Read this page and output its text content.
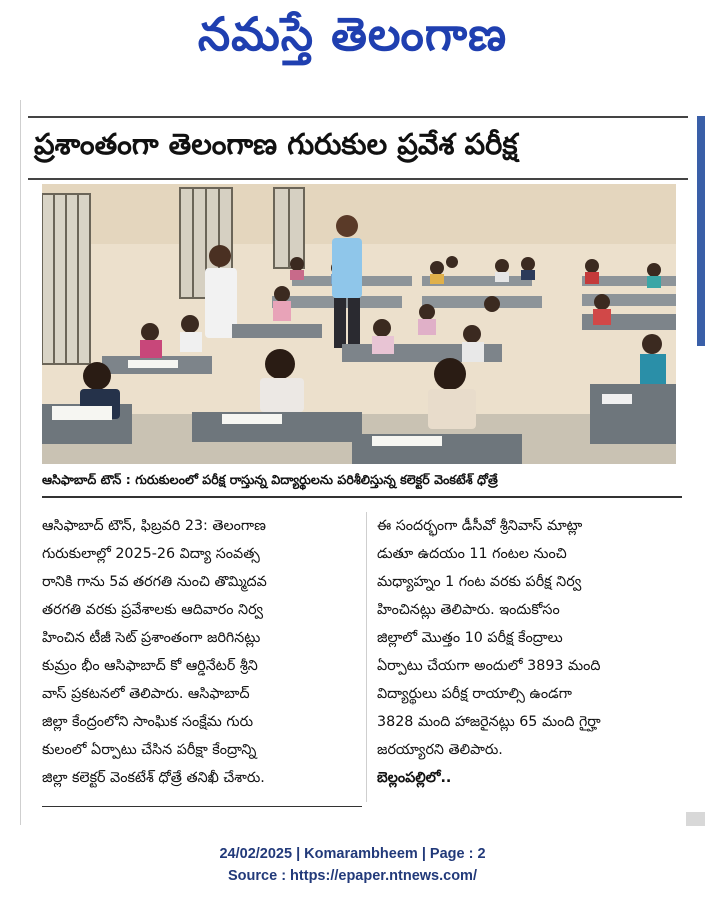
నమస్తే తెలంగాణ
ప్రశాంతంగా తెలంగాణ గురుకుల ప్రవేశ పరీక్ష
ఆసిఫాబాద్ టౌన్ : గురుకులంలో పరీక్ష రాస్తున్న విద్యార్థులను పరిశీలిస్తున్న కలెక్టర్ వెంకటేశ్ ధోత్రే

ఆసిఫాబాద్ టౌన్, ఫిబ్రవరి 23: తెలంగాణ

గురుకులాల్లో 2025-26 విద్యా సంవత్స

రానికి గాను 5వ తరగతి నుంచి తొమ్మిదవ

తరగతి వరకు ప్రవేశాలకు ఆదివారం నిర్వ

హించిన టీజీ సెట్ ప్రశాంతంగా జరిగినట్లు

కుమ్రం భీం ఆసిఫాబాద్ కో ఆర్డినేటర్ శ్రీని

వాస్ ప్రకటనలో తెలిపారు. ఆసిఫాబాద్

జిల్లా కేంద్రంలోని సాంఘిక సంక్షేమ గురు

కులంలో ఏర్పాటు చేసిన పరీక్షా కేంద్రాన్ని

జిల్లా కలెక్టర్ వెంకటేశ్ ధోత్రే తనిఖీ చేశారు.

ఈ సందర్భంగా డీసీవో శ్రీనివాస్ మాట్లా

డుతూ ఉదయం 11 గంటల నుంచి

మధ్యాహ్నం 1 గంట వరకు పరీక్ష నిర్వ

హించినట్లు తెలిపారు. ఇందుకోసం

జిల్లాలో మొత్తం 10 పరీక్ష కేంద్రాలు

ఏర్పాటు చేయగా అందులో 3893 మంది

విద్యార్థులు పరీక్ష రాయాల్సి ఉండగా

3828 మంది హాజరైనట్లు 65 మంది గైర్హా

జరయ్యారని తెలిపారు.

బెల్లంపల్లిలో..

24/02/2025 | Komarambheem | Page : 2
Source : https://epaper.ntnews.com/
